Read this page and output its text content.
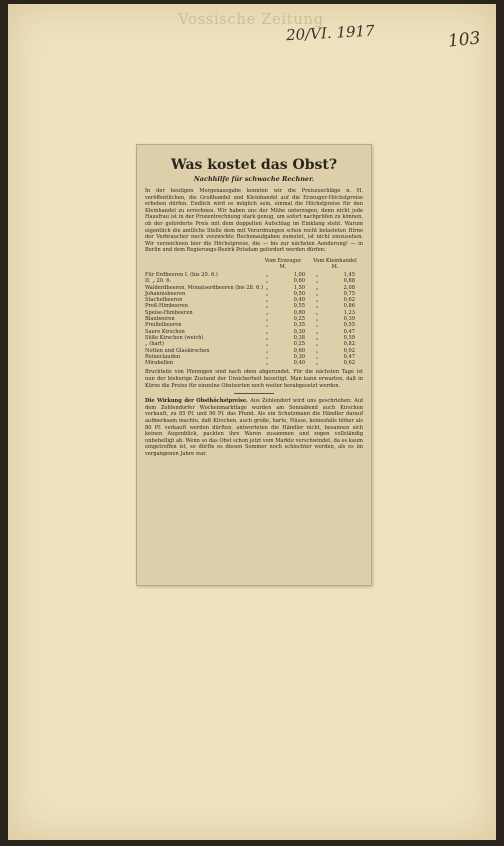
Vossische Zeitung
20/VI. 1917	103
Was kostet das Obst?
Nachhilfe für schwache Rechner.
In der heutigen Morgenausgabe konnten wir die Preiszuschläge n. H. veröffentlichen, die Großhandel und Kleinhandel auf die Erzeuger-Höchstpreise erheben dürfen. Endlich wird es möglich sein, einmal die Höchstpreise für den Kleinhandel zu errechnen. Wir haben uns der Mühe unterzogen, denn nicht jede Hausfrau ist in der Prozentrechnung stark genug, um sofort nachprüfen zu können, ob der geforderte Preis mit dem doppelten Aufschlag im Einklang steht. Warum eigentlich die amtliche Stelle dem mit Verordnungen schon recht belasteten Hirne der Verbraucher noch verzwickte Rechenaufgaben zumutet, ist nicht einzusehen. Wir verzeichnen hier die Höchstpreise, die — bis zur nächsten Aenderung! — in Berlin und dem Regierungs-Bezirk Potsdam gefordert werden dürfen:
Vom Erzeuger
M.
Vom Kleinhandel
M.
Für Erdbeeren I. (bis 20. 6.)	„	1,00	„	1,45
II. „ 20. 6.	„	0,60	„	0,88
Walderdbeeren, Monatserdbeeren (bis 28. 6.)	„	1,50	„	2,08
Johannisbeeren	„	0,50	„	0,75
Stachelbeeren	„	0,40	„	0,62
Preß-Himbeeren	„	0,55	„	0,86
Speise-Himbeeren	„	0,80	„	1,23
Blaubeeren	„	0,25	„	0,39
Preißelbeeren	„	0,35	„	0,55
Saure Kirschen	„	0,30	„	0,47
Süße Kirschen (weich)	„	0,38	„	0,59
„ (hart)	„	0,25	„	0,82
Notten und Glaskirschen	„	0,60	„	0,92
Reineclauden	„	0,30	„	0,47
Mirabellen	„	0,40	„	0,62
Bruchteile von Pfennigen sind nach oben abgerundet. Für die nächsten Tage ist nun der bisherige Zustand der Unsicherheit beseitigt. Man kann erwarten, daß in Kürze die Preise für einzelne Obstsorten noch weiter herabgesetzt werden.
Die Wirkung der Obsthöchstpreise. Aus Zehlendorf wird uns geschrieben: Auf dem Zehlendorfer Wochenmarkttage wurden am Sonnabend auch Kirschen verkauft, zu 85 Pf. und 90 Pf. das Pfund. Als ein Schutzmann die Händler darauf aufmerksam machte, daß Kirschen, auch große, harte, Nüsse, keinesfalls höher als 80 Pf. verkauft werden dürften, antworteten die Händler nicht, besannen sich keinen Augenblick, packten ihre Waren zusammen und zogen vollständig unbehelligt ab. Wenn so das Obst schon jetzt vom Markte verschwindet, da es kaum eingetroffen ist, so dürfte es diesen Sommer noch schlechter werden, als es im vergangenen Jahre war.
